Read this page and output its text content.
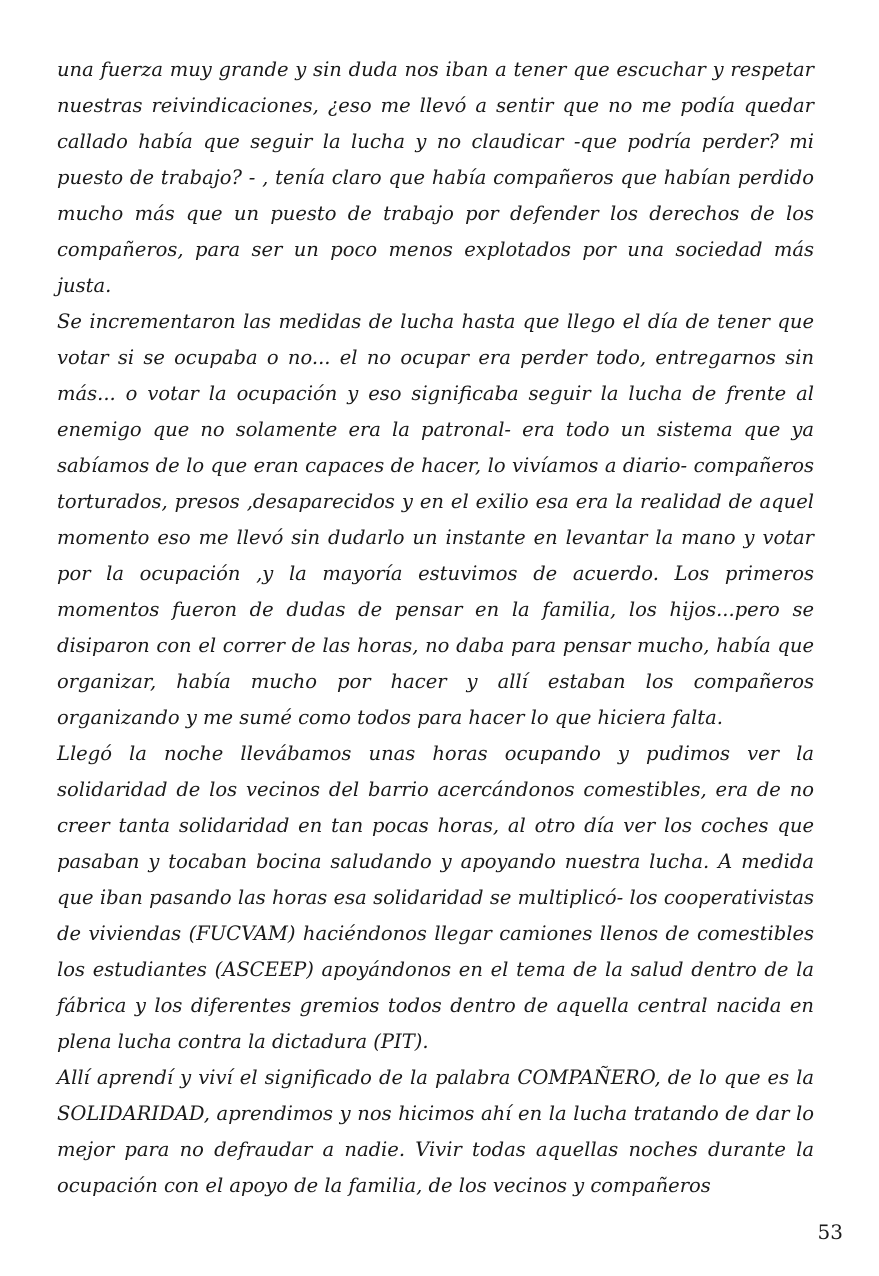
una fuerza muy grande y sin duda nos iban a tener que escuchar y respetar nuestras reivindicaciones, ¿eso me llevó a sentir que no me podía quedar callado había que seguir la lucha y no claudicar -que podría perder? mi puesto de trabajo? - , tenía claro que había compañeros que habían perdido mucho más que un puesto de trabajo por defender los derechos de los compañeros, para ser un poco menos explotados por una sociedad más justa.

Se incrementaron las medidas de lucha hasta que llego el día de tener que votar si se ocupaba o no... el no ocupar era perder todo, entregarnos sin más... o votar la ocupación y eso significaba seguir la lucha de frente al enemigo que no solamente era la patronal- era todo un sistema que ya sabíamos de lo que eran capaces de hacer, lo vivíamos a diario- compañeros torturados, presos ,desaparecidos y en el exilio esa era la realidad de aquel momento eso me llevó sin dudarlo un instante en levantar la mano y votar por la ocupación ,y la mayoría estuvimos de acuerdo. Los primeros momentos fueron de dudas de pensar en la familia, los hijos...pero se disiparon con el correr de las horas, no daba para pensar mucho, había que organizar, había mucho por hacer y allí estaban los compañeros organizando y me sumé como todos para hacer lo que hiciera falta.

Llegó la noche llevábamos unas horas ocupando y pudimos ver la solidaridad de los vecinos del barrio acercándonos comestibles, era de no creer tanta solidaridad en tan pocas horas, al otro día ver los coches que pasaban y tocaban bocina saludando y apoyando nuestra lucha. A medida que iban pasando las horas esa solidaridad se multiplicó- los cooperativistas de viviendas (FUCVAM) haciéndonos llegar camiones llenos de comestibles los estudiantes (ASCEEP) apoyándonos en el tema de la salud dentro de la fábrica y los diferentes gremios todos dentro de aquella central nacida en plena lucha contra la dictadura (PIT).

Allí aprendí y viví el significado de la palabra COMPAÑERO, de lo que es la SOLIDARIDAD, aprendimos y nos hicimos ahí en la lucha tratando de dar lo mejor para no defraudar a nadie. Vivir todas aquellas noches durante la ocupación con el apoyo de la familia, de los vecinos y compañeros

53
